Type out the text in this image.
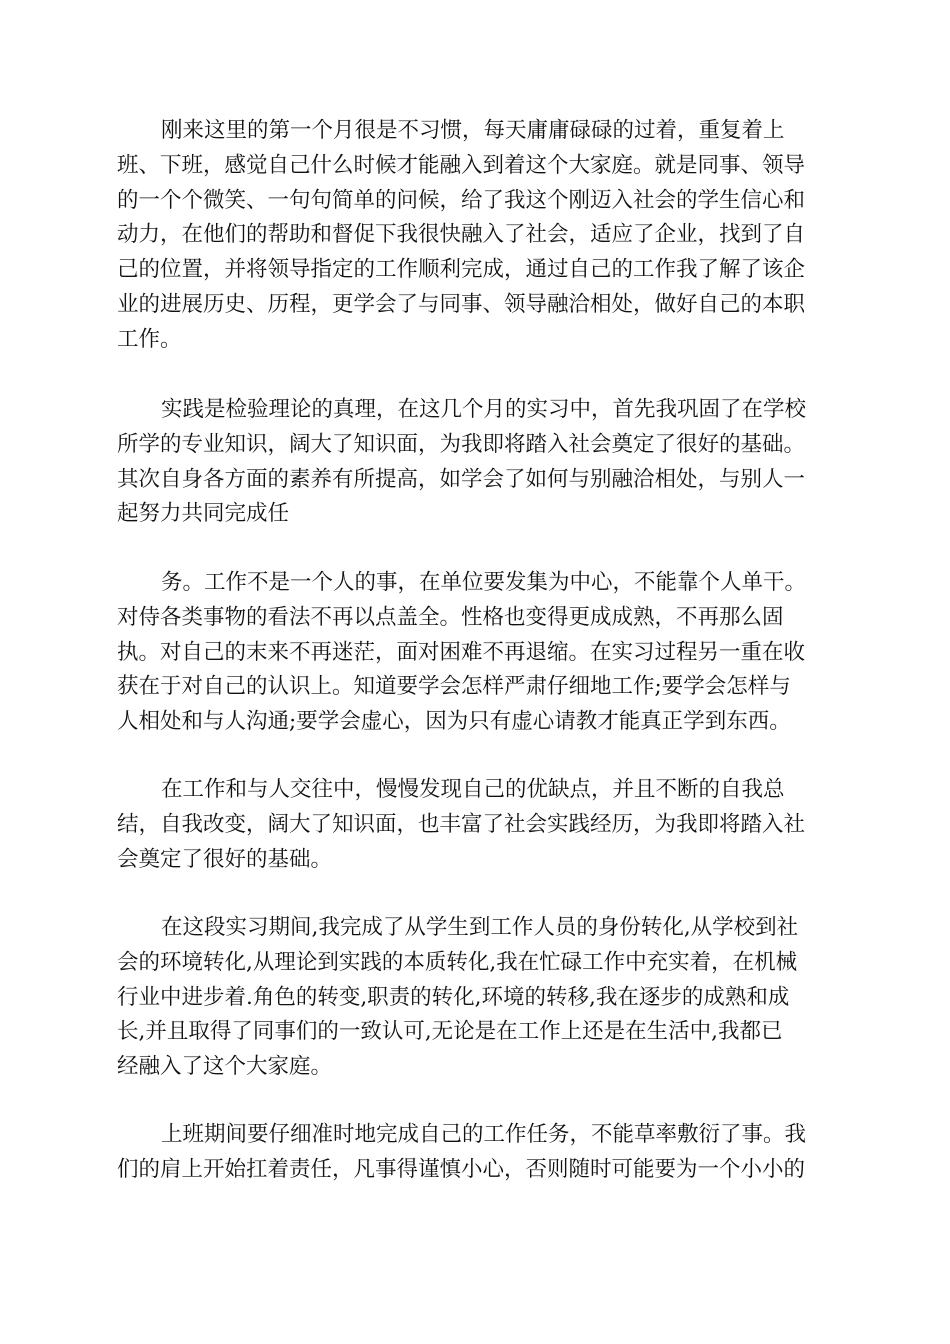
刚来这里的第一个月很是不习惯，每天庸庸碌碌的过着，重复着上
班、下班，感觉自己什么时候才能融入到着这个大家庭。就是同事、领导
的一个个微笑、一句句简单的问候，给了我这个刚迈入社会的学生信心和
动力，在他们的帮助和督促下我很快融入了社会，适应了企业，找到了自
己的位置，并将领导指定的工作顺利完成，通过自己的工作我了解了该企
业的进展历史、历程，更学会了与同事、领导融洽相处，做好自己的本职
工作。

实践是检验理论的真理，在这几个月的实习中，首先我巩固了在学校
所学的专业知识，阔大了知识面，为我即将踏入社会奠定了很好的基础。
其次自身各方面的素养有所提高，如学会了如何与别融洽相处，与别人一
起努力共同完成任

务。工作不是一个人的事，在单位要发集为中心，不能靠个人单干。
对侍各类事物的看法不再以点盖全。性格也变得更成成熟，不再那么固
执。对自己的末来不再迷茫，面对困难不再退缩。在实习过程另一重在收
获在于对自己的认识上。知道要学会怎样严肃仔细地工作;要学会怎样与
人相处和与人沟通;要学会虚心，因为只有虚心请教才能真正学到东西。

在工作和与人交往中，慢慢发现自己的优缺点，并且不断的自我总
结，自我改变，阔大了知识面，也丰富了社会实践经历，为我即将踏入社
会奠定了很好的基础。

在这段实习期间,我完成了从学生到工作人员的身份转化,从学校到社
会的环境转化,从理论到实践的本质转化,我在忙碌工作中充实着，在机械
行业中进步着.角色的转变,职责的转化,环境的转移,我在逐步的成熟和成
长,并且取得了同事们的一致认可,无论是在工作上还是在生活中,我都已
经融入了这个大家庭。

上班期间要仔细准时地完成自己的工作任务，不能草率敷衍了事。我
们的肩上开始扛着责任，凡事得谨慎小心，否则随时可能要为一个小小的
